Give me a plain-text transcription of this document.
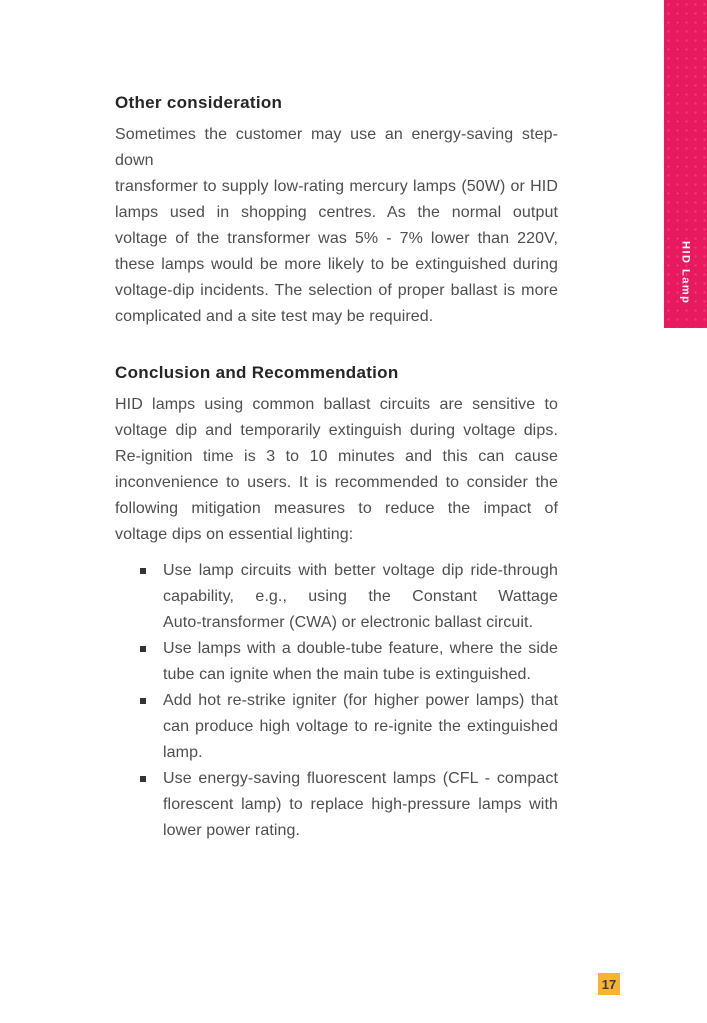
HID Lamp
Other consideration
Sometimes the customer may use an energy-saving step-down
transformer to supply low-rating mercury lamps (50W) or HID
lamps used in shopping centres. As the normal output
voltage of the transformer was 5% - 7% lower than 220V,
these lamps would be more likely to be extinguished during
voltage-dip incidents. The selection of proper ballast is more
complicated and a site test may be required.
Conclusion and Recommendation
HID lamps using common ballast circuits are sensitive to
voltage dip and temporarily extinguish during voltage dips.
Re-ignition time is 3 to 10 minutes and this can cause
inconvenience to users. It is recommended to consider the
following mitigation measures to reduce the impact of
voltage dips on essential lighting:
Use lamp circuits with better voltage dip ride-through
capability, e.g., using the Constant Wattage
Auto-transformer (CWA) or electronic ballast circuit.
Use lamps with a double-tube feature, where the side
tube can ignite when the main tube is extinguished.
Add hot re-strike igniter (for higher power lamps) that
can produce high voltage to re-ignite the extinguished
lamp.
Use energy-saving fluorescent lamps (CFL - compact
florescent lamp) to replace high-pressure lamps with
lower power rating.
17
